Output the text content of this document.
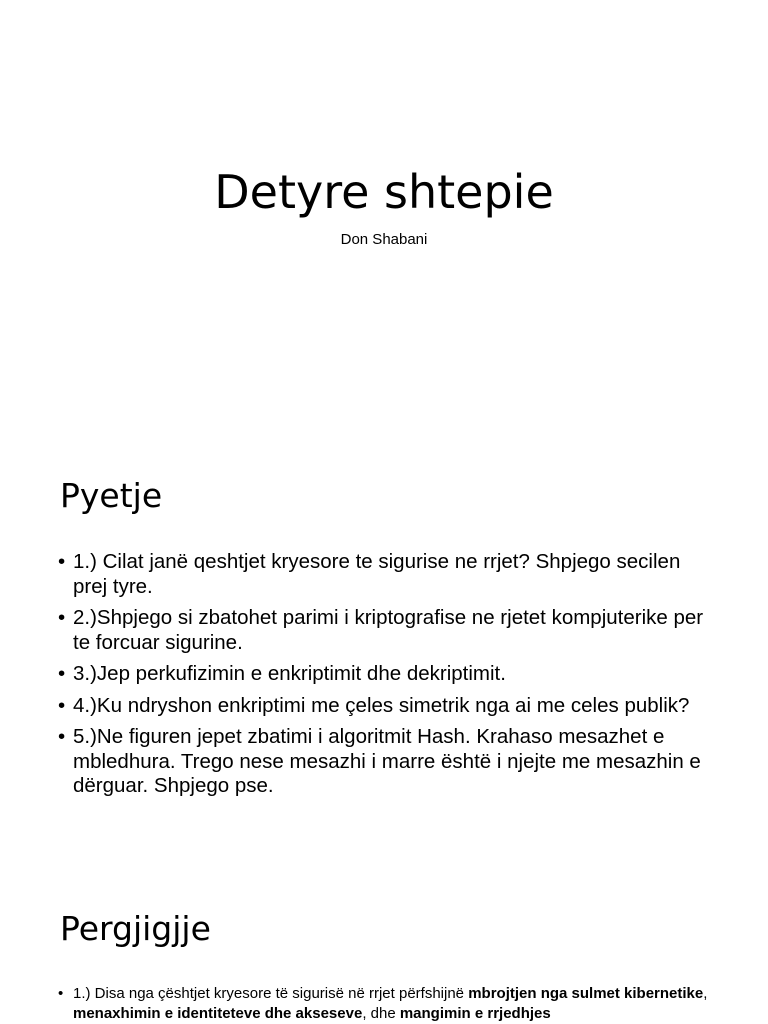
Detyre shtepie
Don Shabani
Pyetje
• 1.) Cilat janë qeshtjet kryesore te sigurise ne rrjet? Shpjego secilen prej tyre.
• 2.)Shpjego si zbatohet parimi i kriptografise ne rjetet kompjuterike per te forcuar sigurine.
• 3.)Jep perkufizimin e enkriptimit dhe dekriptimit.
• 4.)Ku ndryshon enkriptimi me çeles simetrik nga ai me celes publik?
• 5.)Ne figuren jepet zbatimi i algoritmit Hash. Krahaso mesazhet e mbledhura. Trego nese mesazhi i marre është i njejte me mesazhin e dërguar. Shpjego pse.
Pergjigjje
• 1.) Disa nga çështjet kryesore të sigurisë në rrjet përfshijnë mbrojtjen nga sulmet kibernetike, menaxhimin e identiteteve dhe akseseve, dhe mangimin e rrjedhjes
